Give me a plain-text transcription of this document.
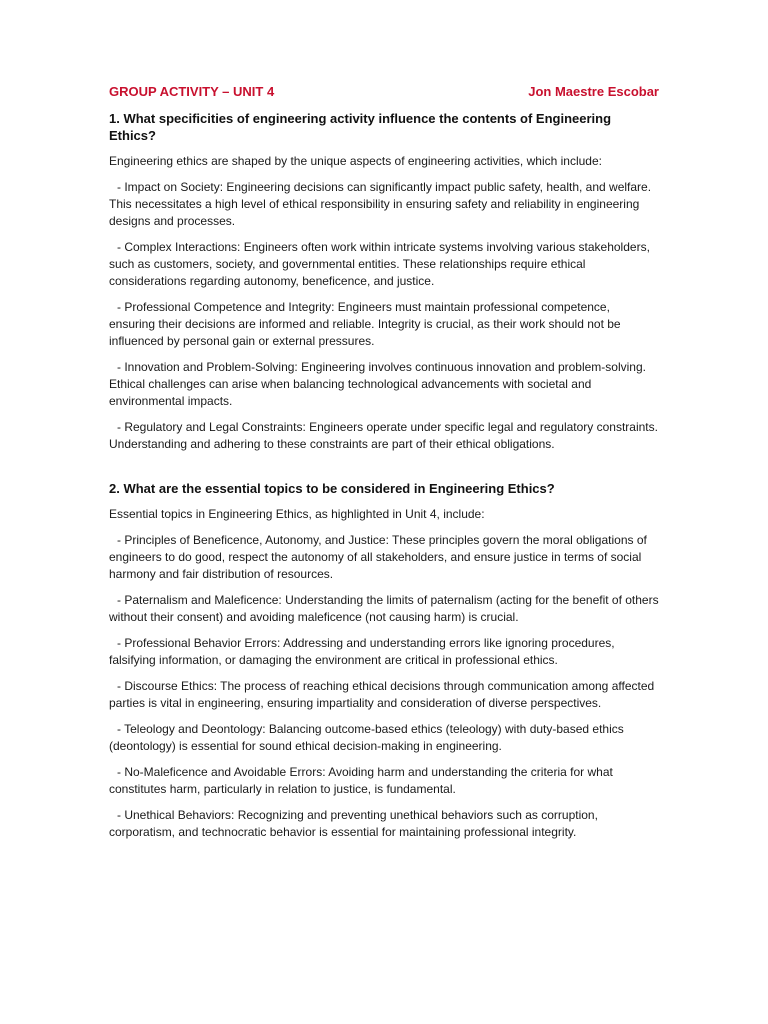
GROUP ACTIVITY – UNIT 4	Jon Maestre Escobar
1. What specificities of engineering activity influence the contents of Engineering Ethics?

Engineering ethics are shaped by the unique aspects of engineering activities, which include:

- Impact on Society: Engineering decisions can significantly impact public safety, health, and welfare. This necessitates a high level of ethical responsibility in ensuring safety and reliability in engineering designs and processes.

- Complex Interactions: Engineers often work within intricate systems involving various stakeholders, such as customers, society, and governmental entities. These relationships require ethical considerations regarding autonomy, beneficence, and justice.

- Professional Competence and Integrity: Engineers must maintain professional competence, ensuring their decisions are informed and reliable. Integrity is crucial, as their work should not be influenced by personal gain or external pressures.

- Innovation and Problem-Solving: Engineering involves continuous innovation and problem-solving. Ethical challenges can arise when balancing technological advancements with societal and environmental impacts.

- Regulatory and Legal Constraints: Engineers operate under specific legal and regulatory constraints. Understanding and adhering to these constraints are part of their ethical obligations.

2. What are the essential topics to be considered in Engineering Ethics?

Essential topics in Engineering Ethics, as highlighted in Unit 4, include:

- Principles of Beneficence, Autonomy, and Justice: These principles govern the moral obligations of engineers to do good, respect the autonomy of all stakeholders, and ensure justice in terms of social harmony and fair distribution of resources.

- Paternalism and Maleficence: Understanding the limits of paternalism (acting for the benefit of others without their consent) and avoiding maleficence (not causing harm) is crucial.

- Professional Behavior Errors: Addressing and understanding errors like ignoring procedures, falsifying information, or damaging the environment are critical in professional ethics.

- Discourse Ethics: The process of reaching ethical decisions through communication among affected parties is vital in engineering, ensuring impartiality and consideration of diverse perspectives.

- Teleology and Deontology: Balancing outcome-based ethics (teleology) with duty-based ethics (deontology) is essential for sound ethical decision-making in engineering.

- No-Maleficence and Avoidable Errors: Avoiding harm and understanding the criteria for what constitutes harm, particularly in relation to justice, is fundamental.

- Unethical Behaviors: Recognizing and preventing unethical behaviors such as corruption, corporatism, and technocratic behavior is essential for maintaining professional integrity.
